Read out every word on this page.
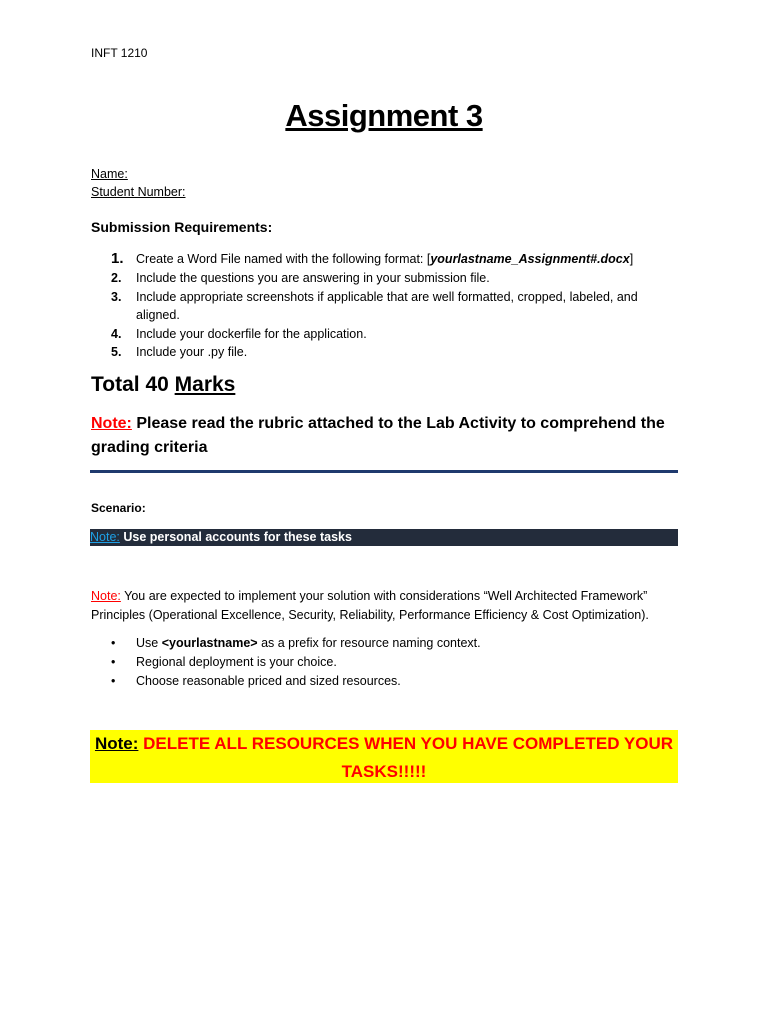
INFT 1210
Assignment 3
Name:
Student Number:
Submission Requirements:
1. Create a Word File named with the following format: [yourlastname_Assignment#.docx]
2. Include the questions you are answering in your submission file.
3. Include appropriate screenshots if applicable that are well formatted, cropped, labeled, and aligned.
4. Include your dockerfile for the application.
5. Include your .py file.
Total 40 Marks
Note: Please read the rubric attached to the Lab Activity to comprehend the grading criteria
Scenario:
Note: Use personal accounts for these tasks
Note: You are expected to implement your solution with considerations “Well Architected Framework” Principles (Operational Excellence, Security, Reliability, Performance Efficiency & Cost Optimization).
• Use <yourlastname> as a prefix for resource naming context.
• Regional deployment is your choice.
• Choose reasonable priced and sized resources.
Note: DELETE ALL RESOURCES WHEN YOU HAVE COMPLETED YOUR TASKS!!!!!
